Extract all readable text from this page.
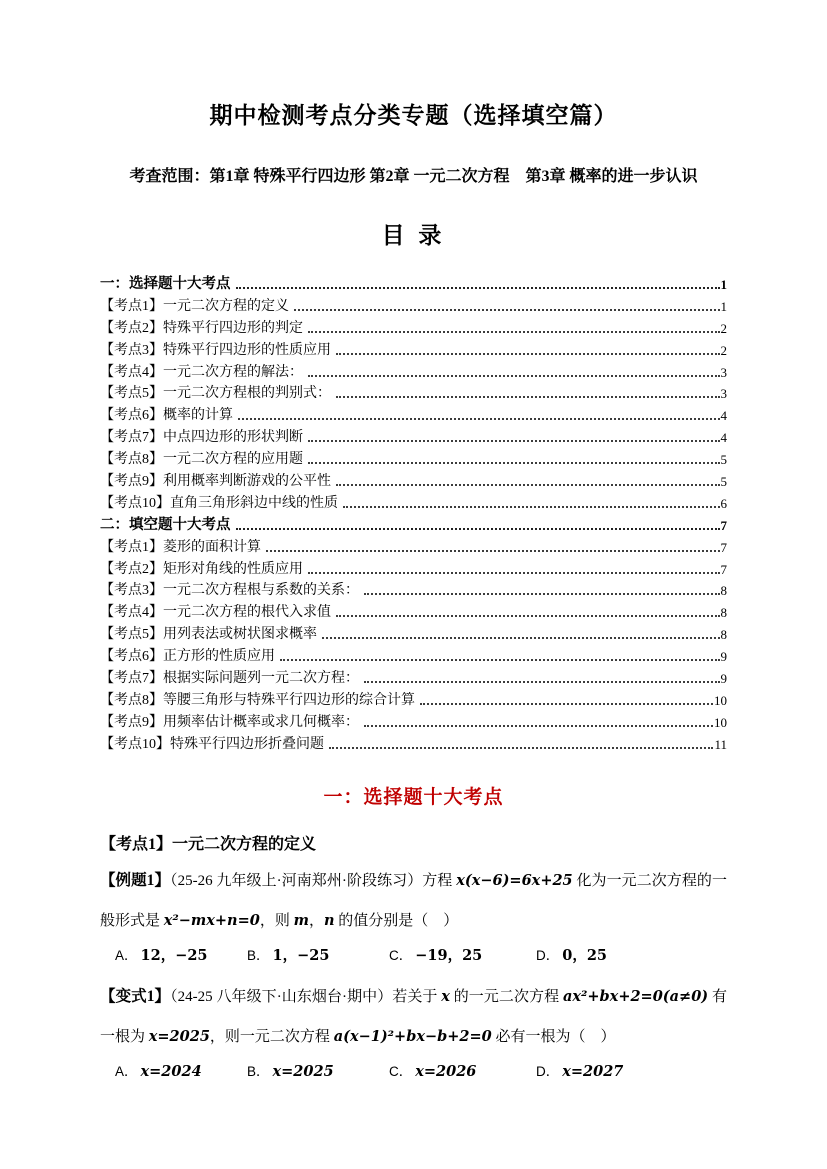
期中检测考点分类专题（选择填空篇）
考查范围：第1章 特殊平行四边形 第2章 一元二次方程　第3章 概率的进一步认识
目 录
一：选择题十大考点	1
【考点1】一元二次方程的定义	1
【考点2】特殊平行四边形的判定	2
【考点3】特殊平行四边形的性质应用	2
【考点4】一元二次方程的解法：	3
【考点5】一元二次方程根的判别式：	3
【考点6】概率的计算	4
【考点7】中点四边形的形状判断	4
【考点8】一元二次方程的应用题	5
【考点9】利用概率判断游戏的公平性	5
【考点10】直角三角形斜边中线的性质	6
二：填空题十大考点	7
【考点1】菱形的面积计算	7
【考点2】矩形对角线的性质应用	7
【考点3】一元二次方程根与系数的关系：	8
【考点4】一元二次方程的根代入求值	8
【考点5】用列表法或树状图求概率	8
【考点6】正方形的性质应用	9
【考点7】根据实际问题列一元二次方程：	9
【考点8】等腰三角形与特殊平行四边形的综合计算	10
【考点9】用频率估计概率或求几何概率：	10
【考点10】特殊平行四边形折叠问题	11
一：选择题十大考点
【考点1】一元二次方程的定义

【例题1】（25-26 九年级上·河南郑州·阶段练习）方程 x(x−6)=6x+25 化为一元二次方程的一般形式是 x²−mx+n=0，则 m，n 的值分别是（　）

A． 12，−25	B． 1，−25	C． −19，25	D． 0，25

【变式1】（24-25 八年级下·山东烟台·期中）若关于 x 的一元二次方程 ax²+bx+2=0(a≠0) 有一根为 x=2025，则一元二次方程 a(x−1)²+bx−b+2=0 必有一根为（　）

A． x=2024	B． x=2025	C． x=2026	D． x=2027
